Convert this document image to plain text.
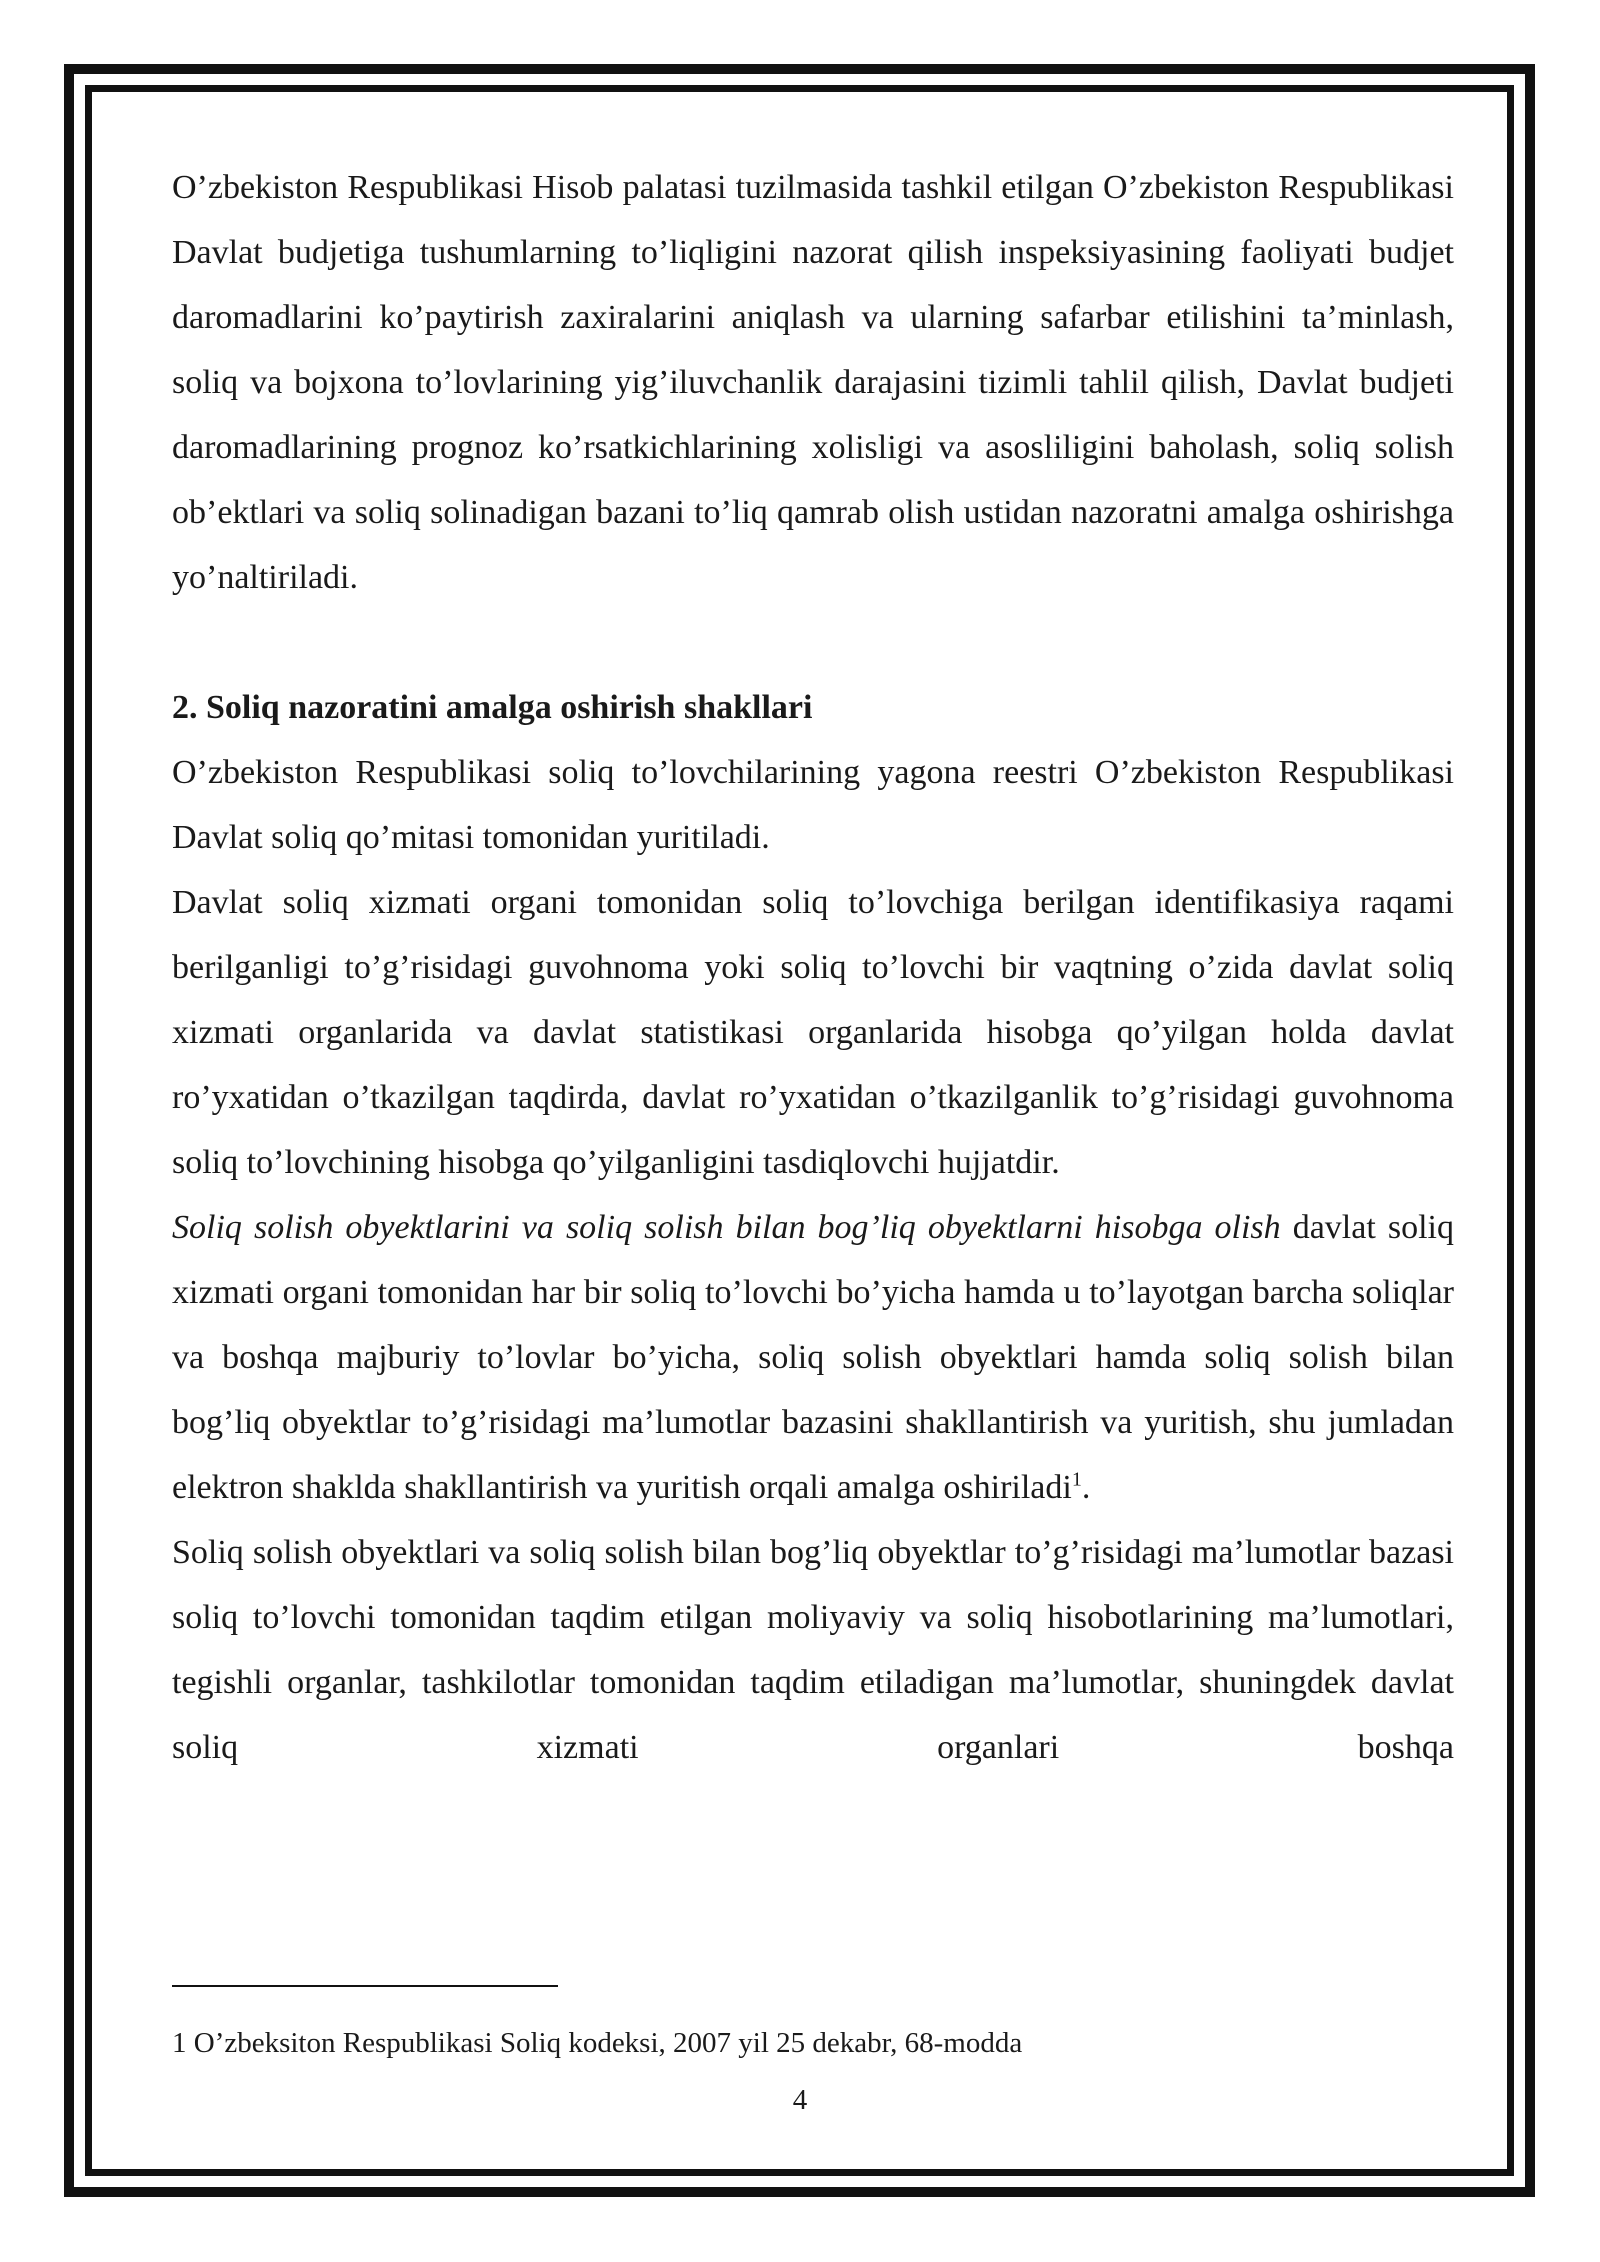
O’zbekiston Respublikasi Hisob palatasi tuzilmasida tashkil etilgan O’zbekiston Respublikasi Davlat budjetiga tushumlarning to’liqligini nazorat qilish inspeksiyasining faoliyati budjet daromadlarini ko’paytirish zaxiralarini aniqlash va ularning safarbar etilishini ta’minlash, soliq va bojxona to’lovlarining yig’iluvchanlik darajasini tizimli tahlil qilish, Davlat budjeti daromadlarining prognoz ko’rsatkichlarining xolisligi va asosliligini baholash, soliq solish ob’ektlari va soliq solinadigan bazani to’liq qamrab olish ustidan nazoratni amalga oshirishga yo’naltiriladi.

2. Soliq nazoratini amalga oshirish shakllari

O’zbekiston Respublikasi soliq to’lovchilarining yagona reestri O’zbekiston Respublikasi Davlat soliq qo’mitasi tomonidan yuritiladi.

Davlat soliq xizmati organi tomonidan soliq to’lovchiga berilgan identifikasiya raqami berilganligi to’g’risidagi guvohnoma yoki soliq to’lovchi bir vaqtning o’zida davlat soliq xizmati organlarida va davlat statistikasi organlarida hisobga qo’yilgan holda davlat ro’yxatidan o’tkazilgan taqdirda, davlat ro’yxatidan o’tkazilganlik to’g’risidagi guvohnoma soliq to’lovchining hisobga qo’yilganligini tasdiqlovchi hujjatdir.

Soliq solish obyektlarini va soliq solish bilan bog’liq obyektlarni hisobga olish davlat soliq xizmati organi tomonidan har bir soliq to’lovchi bo’yicha hamda u to’layotgan barcha soliqlar va boshqa majburiy to’lovlar bo’yicha, soliq solish obyektlari hamda soliq solish bilan bog’liq obyektlar to’g’risidagi ma’lumotlar bazasini shakllantirish va yuritish, shu jumladan elektron shaklda shakllantirish va yuritish orqali amalga oshiriladi$^1$.

Soliq solish obyektlari va soliq solish bilan bog’liq obyektlar to’g’risidagi ma’lumotlar bazasi soliq to’lovchi tomonidan taqdim etilgan moliyaviy va soliq hisobotlarining ma’lumotlari, tegishli organlar, tashkilotlar tomonidan taqdim etiladigan ma’lumotlar, shuningdek davlat soliq xizmati organlari boshqa

1 O’zbeksiton Respublikasi Soliq kodeksi, 2007 yil 25 dekabr, 68-modda
4
